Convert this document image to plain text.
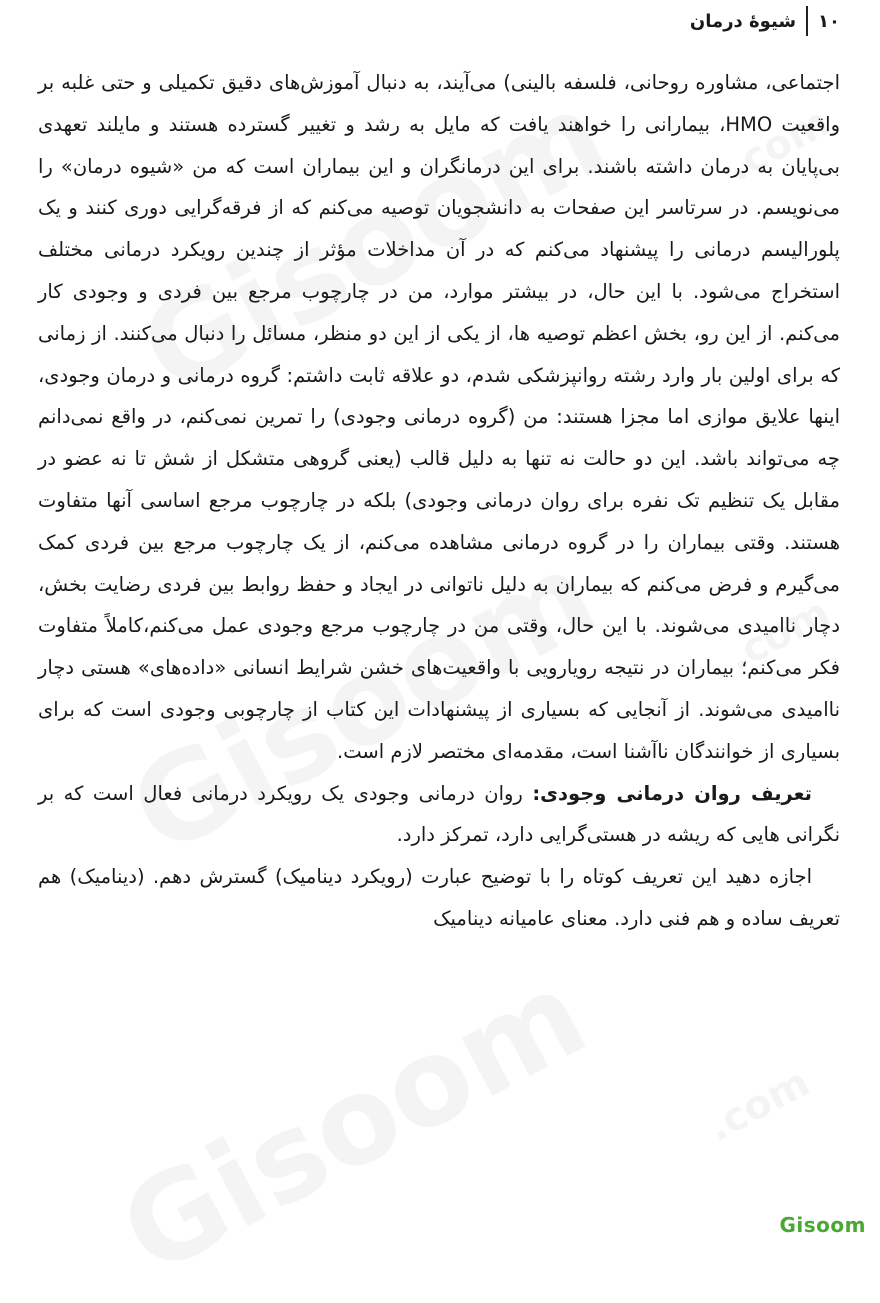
۱۰
شیوهٔ درمان

اجتماعی، مشاوره روحانی، فلسفه بالینی) می‌آیند، به دنبال آموزش‌های دقیق تکمیلی و حتی غلبه بر واقعیت HMO، بیمارانی را خواهند یافت که مایل به رشد و تغییر گسترده هستند و مایلند تعهدی بی‌پایان به درمان داشته باشند. برای این درمانگران و این بیماران است که من «شیوه درمان» را می‌نویسم. در سرتاسر این صفحات به دانشجویان توصیه می‌کنم که از فرقه‌گرایی دوری کنند و یک پلورالیسم درمانی را پیشنهاد می‌کنم که در آن مداخلات مؤثر از چندین رویکرد درمانی مختلف استخراج می‌شود. با این حال، در بیشتر موارد، من در چارچوب مرجع بین فردی و وجودی کار می‌کنم. از این رو، بخش اعظم توصیه ها، از یکی از این دو منظر، مسائل را دنبال می‌کنند. از زمانی که برای اولین بار وارد رشته روانپزشکی شدم، دو علاقه ثابت داشتم: گروه درمانی و درمان وجودی، اینها علایق موازی اما مجزا هستند: من (گروه درمانی وجودی) را تمرین نمی‌کنم، در واقع نمی‌دانم چه می‌تواند باشد. این دو حالت نه تنها به دلیل قالب (یعنی گروهی متشکل از شش تا نه عضو در مقابل یک تنظیم تک نفره برای روان درمانی وجودی) بلکه در چارچوب مرجع اساسی آنها متفاوت هستند. وقتی بیماران را در گروه درمانی مشاهده می‌کنم، از یک چارچوب مرجع بین فردی کمک می‌گیرم و فرض می‌کنم که بیماران به دلیل ناتوانی در ایجاد و حفظ روابط بین فردی رضایت بخش، دچار ناامیدی می‌شوند. با این حال، وقتی من در چارچوب مرجع وجودی عمل می‌کنم،کاملاً متفاوت فکر می‌کنم؛ بیماران در نتیجه رویارویی با واقعیت‌های خشن شرایط انسانی «داده‌های» هستی دچار ناامیدی می‌شوند. از آنجایی که بسیاری از پیشنهادات این کتاب از چارچوبی وجودی است که برای بسیاری از خوانندگان ناآشنا است، مقدمه‌ای مختصر لازم است.

تعریف روان درمانی وجودی: روان درمانی وجودی یک رویکرد درمانی فعال است که بر نگرانی هایی که ریشه در هستی‌گرایی دارد، تمرکز دارد.

اجازه دهید این تعریف کوتاه را با توضیح عبارت (رویکرد دینامیک) گسترش دهم. (دینامیک) هم تعریف ساده و هم فنی دارد. معنای عامیانه دینامیک

Gisoom
